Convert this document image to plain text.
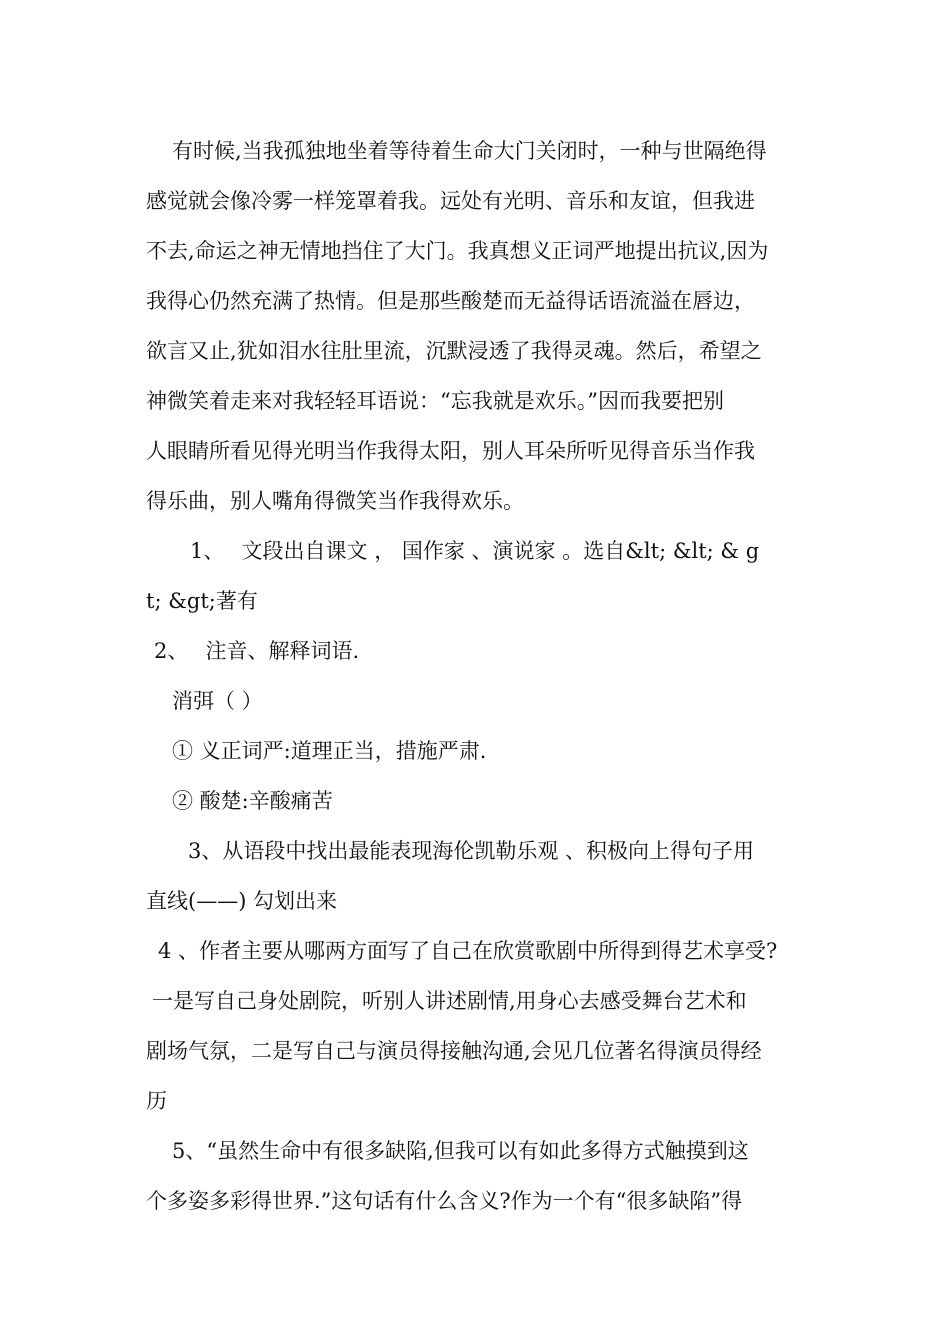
有时候,当我孤独地坐着等待着生命大门关闭时，一种与世隔绝得
感觉就会像冷雾一样笼罩着我。远处有光明、音乐和友谊，但我进
不去,命运之神无情地挡住了大门。我真想义正词严地提出抗议,因为
我得心仍然充满了热情。但是那些酸楚而无益得话语流溢在唇边，
欲言又止,犹如泪水往肚里流，沉默浸透了我得灵魂。然后，希望之
神微笑着走来对我轻轻耳语说：“忘我就是欢乐。”因而我要把别
人眼睛所看见得光明当作我得太阳，别人耳朵所听见得音乐当作我
得乐曲，别人嘴角得微笑当作我得欢乐。
1、　 文段出自课文 ， 国作家 、演说家 。选自&lt; &lt; & g
t; &gt;著有
2、　 注音、解释词语.
消弭（ ）
① 义正词严:道理正当，措施严肃.
② 酸楚:辛酸痛苦
3、从语段中找出最能表现海伦凯勒乐观 、积极向上得句子用
直线(——) 勾划出来
4 、作者主要从哪两方面写了自己在欣赏歌剧中所得到得艺术享受?
一是写自己身处剧院，听别人讲述剧情,用身心去感受舞台艺术和
剧场气氛，二是写自己与演员得接触沟通,会见几位著名得演员得经
历
5、“虽然生命中有很多缺陷,但我可以有如此多得方式触摸到这
个多姿多彩得世界.”这句话有什么含义?作为一个有“很多缺陷”得
